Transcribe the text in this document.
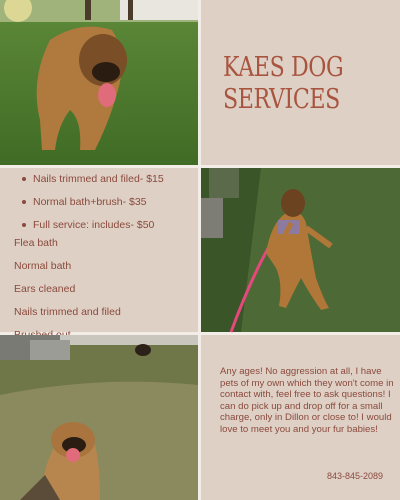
KAES DOG
SERVICES
Nails trimmed and filed- $15
Normal bath+brush- $35
Full service: includes- $50
Flea bath
Normal bath
Ears cleaned
Nails trimmed and filed

Any ages! No aggression at all, I have pets of my own which they won't come in contact with, feel free to ask questions! I can do pick up and drop off for a small charge, only in Dillon or close to! I would love to meet you and your fur babies!

843-845-2089
